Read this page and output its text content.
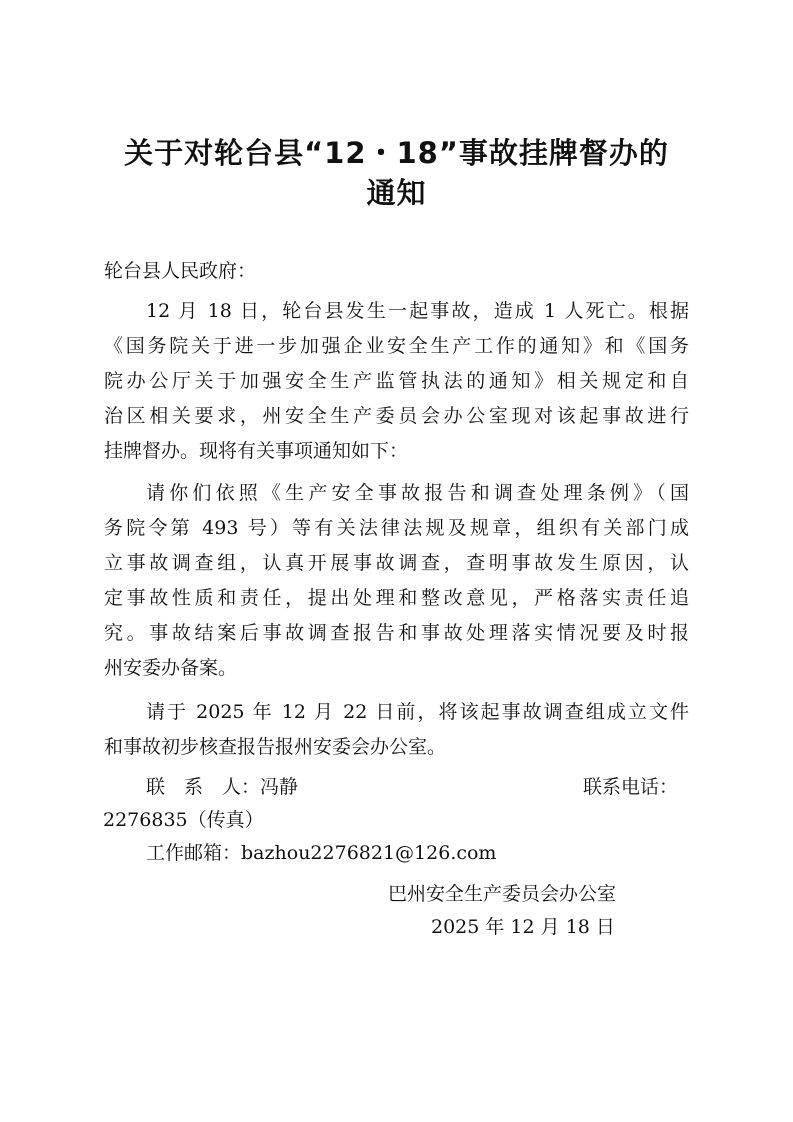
关于对轮台县“12・18”事故挂牌督办的
通知

轮台县人民政府：

12 月 18 日，轮台县发生一起事故，造成 1 人死亡。根据

《国务院关于进一步加强企业安全生产工作的通知》和《国务

院办公厅关于加强安全生产监管执法的通知》相关规定和自

治区相关要求，州安全生产委员会办公室现对该起事故进行

挂牌督办。现将有关事项通知如下：

请你们依照《生产安全事故报告和调查处理条例》（国

务院令第 493 号）等有关法律法规及规章，组织有关部门成

立事故调查组，认真开展事故调查，查明事故发生原因，认

定事故性质和责任，提出处理和整改意见，严格落实责任追

究。事故结案后事故调查报告和事故处理落实情况要及时报

州安委办备案。

请于 2025 年 12 月 22 日前，将该起事故调查组成立文件

和事故初步核查报告报州安委会办公室。

联　系　人：冯静	联系电话：

2276835（传真）

工作邮箱：bazhou2276821@126.com

巴州安全生产委员会办公室

2025 年 12 月 18 日
